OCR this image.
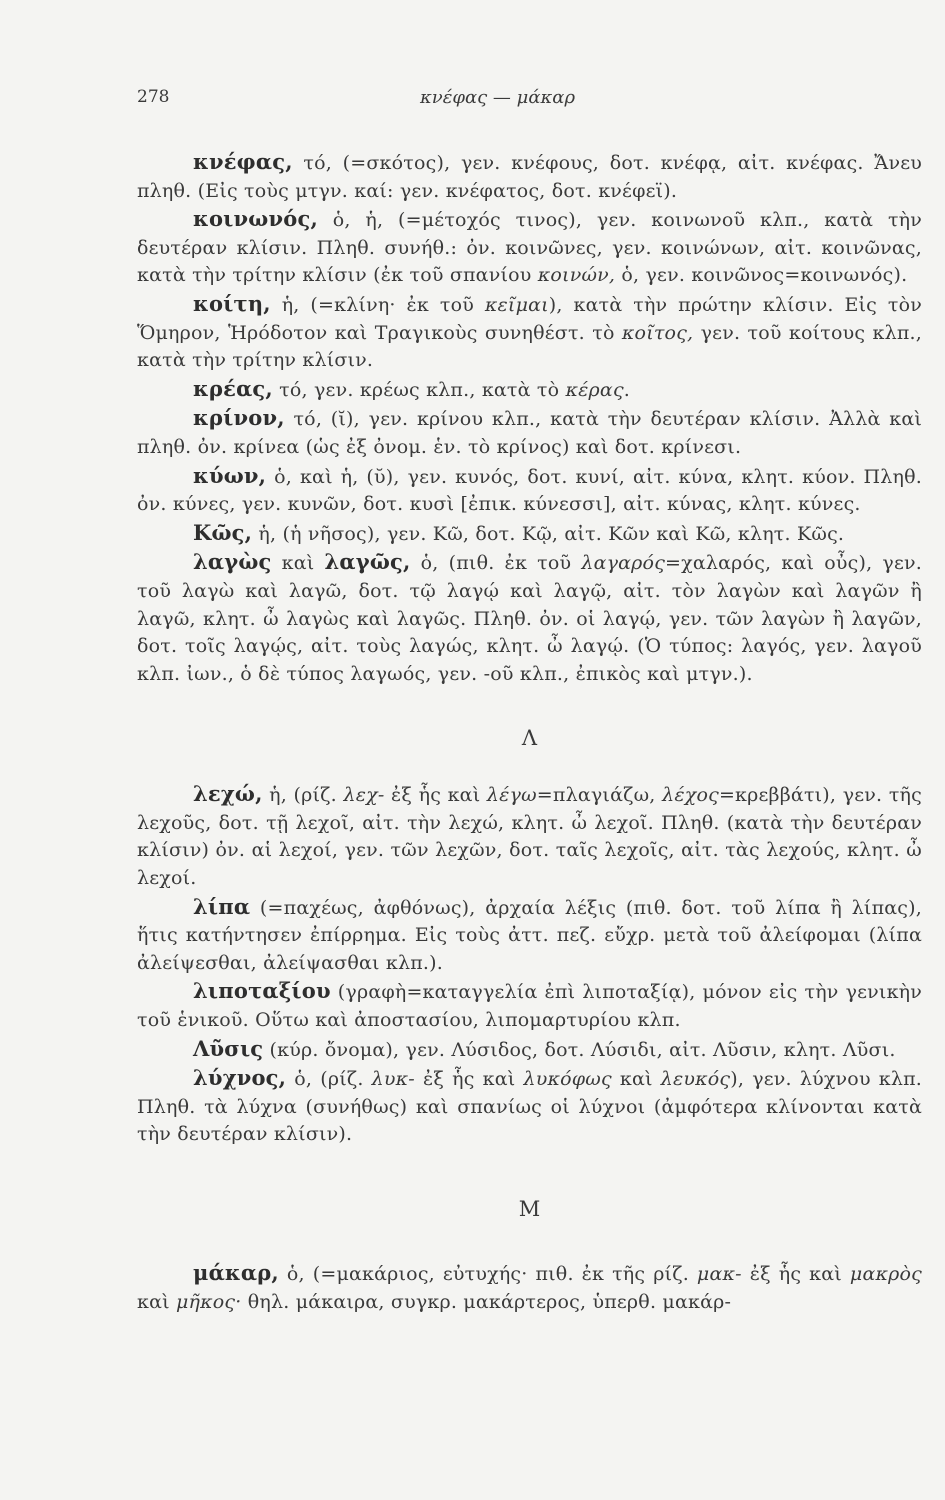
278	κνέφας — μάκαρ

κνέφας, τό, (=σκότος), γεν. κνέφους, δοτ. κνέφᾳ, αἰτ. κνέφας. Ἄνευ πληθ. (Εἰς τοὺς μτγν. καί: γεν. κνέφατος, δοτ. κνέφεϊ).

κοινωνός, ὁ, ἡ, (=μέτοχός τινος), γεν. κοινωνοῦ κλπ., κατὰ τὴν δευτέραν κλίσιν. Πληθ. συνήθ.: ὀν. κοινῶνες, γεν. κοινώνων, αἰτ. κοινῶνας, κατὰ τὴν τρίτην κλίσιν (ἐκ τοῦ σπανίου κοινών, ὁ, γεν. κοινῶνος=κοινωνός).

κοίτη, ἡ, (=κλίνη· ἐκ τοῦ κεῖμαι), κατὰ τὴν πρώτην κλίσιν. Εἰς τὸν Ὅμηρον, Ἡρόδοτον καὶ Τραγικοὺς συνηθέστ. τὸ κοῖτος, γεν. τοῦ κοίτους κλπ., κατὰ τὴν τρίτην κλίσιν.

κρέας, τό, γεν. κρέως κλπ., κατὰ τὸ κέρας.

κρίνον, τό, (ῐ), γεν. κρίνου κλπ., κατὰ τὴν δευτέραν κλίσιν. Ἀλλὰ καὶ πληθ. ὀν. κρίνεα (ὡς ἐξ ὀνομ. ἑν. τὸ κρίνος) καὶ δοτ. κρίνεσι.

κύων, ὁ, καὶ ἡ, (ῠ), γεν. κυνός, δοτ. κυνί, αἰτ. κύνα, κλητ. κύον. Πληθ. ὀν. κύνες, γεν. κυνῶν, δοτ. κυσὶ [ἐπικ. κύνεσσι], αἰτ. κύνας, κλητ. κύνες.

Κῶς, ἡ, (ἡ νῆσος), γεν. Κῶ, δοτ. Κῷ, αἰτ. Κῶν καὶ Κῶ, κλητ. Κῶς.

λαγὼς καὶ λαγῶς, ὁ, (πιθ. ἐκ τοῦ λαγαρός=χαλαρός, καὶ οὖς), γεν. τοῦ λαγὼ καὶ λαγῶ, δοτ. τῷ λαγῴ καὶ λαγῷ, αἰτ. τὸν λαγὼν καὶ λαγῶν ἢ λαγῶ, κλητ. ὦ λαγὼς καὶ λαγῶς. Πληθ. ὀν. οἱ λαγῴ, γεν. τῶν λαγὼν ἢ λαγῶν, δοτ. τοῖς λαγῴς, αἰτ. τοὺς λαγώς, κλητ. ὦ λαγῴ. (Ὁ τύπος: λαγός, γεν. λαγοῦ κλπ. ἰων., ὁ δὲ τύπος λαγωός, γεν. -οῦ κλπ., ἐπικὸς καὶ μτγν.).

Λ

λεχώ, ἡ, (ρίζ. λεχ- ἐξ ἧς καὶ λέγω=πλαγιάζω, λέχος=κρεββάτι), γεν. τῆς λεχοῦς, δοτ. τῇ λεχοῖ, αἰτ. τὴν λεχώ, κλητ. ὦ λεχοῖ. Πληθ. (κατὰ τὴν δευτέραν κλίσιν) ὀν. αἱ λεχοί, γεν. τῶν λεχῶν, δοτ. ταῖς λεχοῖς, αἰτ. τὰς λεχούς, κλητ. ὦ λεχοί.

λίπα (=παχέως, ἀφθόνως), ἀρχαία λέξις (πιθ. δοτ. τοῦ λίπα ἢ λίπας), ἥτις κατήντησεν ἐπίρρημα. Εἰς τοὺς ἀττ. πεζ. εὔχρ. μετὰ τοῦ ἀλείφομαι (λίπα ἀλείψεσθαι, ἀλείψασθαι κλπ.).

λιποταξίου (γραφὴ=καταγγελία ἐπὶ λιποταξίᾳ), μόνον εἰς τὴν γενικὴν τοῦ ἑνικοῦ. Οὕτω καὶ ἀποστασίου, λιπομαρτυρίου κλπ.

Λῦσις (κύρ. ὄνομα), γεν. Λύσιδος, δοτ. Λύσιδι, αἰτ. Λῦσιν, κλητ. Λῦσι.

λύχνος, ὁ, (ρίζ. λυκ- ἐξ ἧς καὶ λυκόφως καὶ λευκός), γεν. λύχνου κλπ. Πληθ. τὰ λύχνα (συνήθως) καὶ σπανίως οἱ λύχνοι (ἀμφότερα κλίνονται κατὰ τὴν δευτέραν κλίσιν).

Μ

μάκαρ, ὁ, (=μακάριος, εὐτυχής· πιθ. ἐκ τῆς ρίζ. μακ- ἐξ ἧς καὶ μακρὸς καὶ μῆκος· θηλ. μάκαιρα, συγκρ. μακάρτερος, ὑπερθ. μακάρ-
